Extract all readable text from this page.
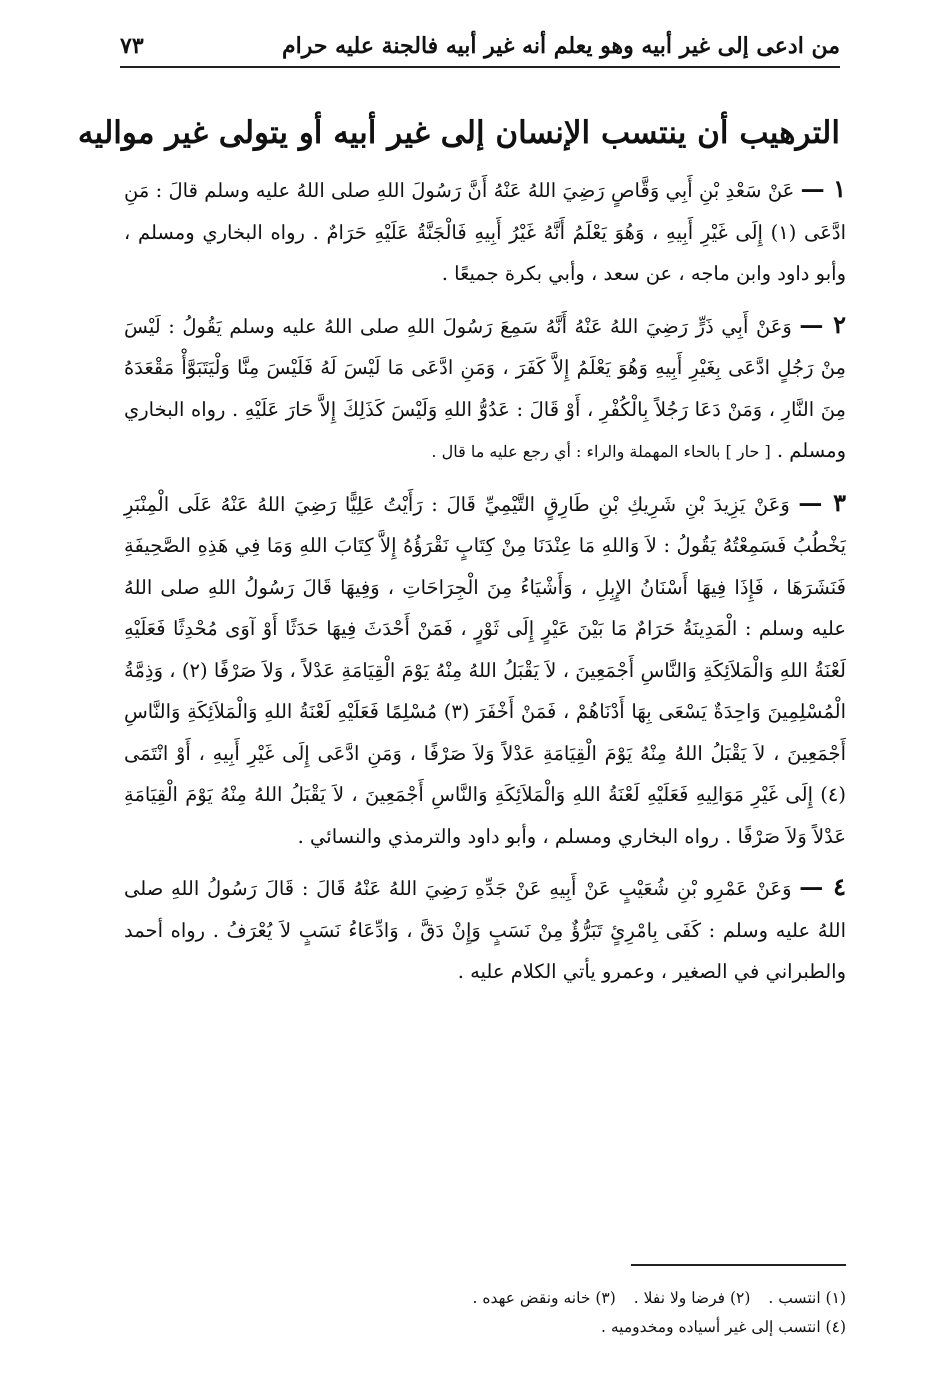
من ادعى إلى غير أبيه وهو يعلم أنه غير أبيه فالجنة عليه حرام
٧٣
الترهيب أن ينتسب الإنسان إلى غير أبيه أو يتولى غير مواليه

١ — عَنْ سَعْدِ بْنِ أَبِي وَقَّاصٍ رَضِيَ اللهُ عَنْهُ أَنَّ رَسُولَ اللهِ صلى اللهُ عليه وسلم قالَ : مَنِ ادَّعَى (١) إِلَى غَيْرِ أَبِيهِ ، وَهُوَ يَعْلَمُ أَنَّهُ غَيْرُ أَبِيهِ فَالْجَنَّةُ عَلَيْهِ حَرَامٌ . رواه البخاري ومسلم ، وأبو داود وابن ماجه ، عن سعد ، وأبي بكرة جميعًا .

٢ — وَعَنْ أَبِي ذَرٍّ رَضِيَ اللهُ عَنْهُ أَنَّهُ سَمِعَ رَسُولَ اللهِ صلى اللهُ عليه وسلم يَقُولُ : لَيْسَ مِنْ رَجُلٍ ادَّعَى بِغَيْرِ أَبِيهِ وَهُوَ يَعْلَمُ إِلاَّ كَفَرَ ، وَمَنِ ادَّعَى مَا لَيْسَ لَهُ فَلَيْسَ مِنَّا وَلْيَتَبَوَّأْ مَقْعَدَهُ مِنَ النَّارِ ، وَمَنْ دَعَا رَجُلاً بِالْكُفْرِ ، أَوْ قَالَ : عَدُوُّ اللهِ وَلَيْسَ كَذَلِكَ إِلاَّ حَارَ عَلَيْهِ . رواه البخاري ومسلم . [ حار ] بالحاء المهملة والراء : أي رجع عليه ما قال .

٣ — وَعَنْ يَزِيدَ بْنِ شَرِيكِ بْنِ طَارِقٍ التَّيْمِيِّ قَالَ : رَأَيْتُ عَلِيًّا رَضِيَ اللهُ عَنْهُ عَلَى الْمِنْبَرِ يَخْطُبُ فَسَمِعْتُهُ يَقُولُ : لاَ وَاللهِ مَا عِنْدَنَا مِنْ كِتَابٍ نَقْرَؤُهُ إِلاَّ كِتَابَ اللهِ وَمَا فِي هَذِهِ الصَّحِيفَةِ فَنَشَرَهَا ، فَإِذَا فِيهَا أَسْنَانُ الإِبِلِ ، وَأَشْيَاءُ مِنَ الْجِرَاحَاتِ ، وَفِيهَا قَالَ رَسُولُ اللهِ صلى اللهُ عليه وسلم : الْمَدِينَةُ حَرَامٌ مَا بَيْنَ عَيْرٍ إِلَى ثَوْرٍ ، فَمَنْ أَحْدَثَ فِيهَا حَدَثًا أَوْ آوَى مُحْدِثًا فَعَلَيْهِ لَعْنَةُ اللهِ وَالْمَلاَئِكَةِ وَالنَّاسِ أَجْمَعِينَ ، لاَ يَقْبَلُ اللهُ مِنْهُ يَوْمَ الْقِيَامَةِ عَدْلاً ، وَلاَ صَرْفًا (٢) ، وَذِمَّةُ الْمُسْلِمِينَ وَاحِدَةٌ يَسْعَى بِهَا أَدْنَاهُمْ ، فَمَنْ أَخْفَرَ (٣) مُسْلِمًا فَعَلَيْهِ لَعْنَةُ اللهِ وَالْمَلاَئِكَةِ وَالنَّاسِ أَجْمَعِينَ ، لاَ يَقْبَلُ اللهُ مِنْهُ يَوْمَ الْقِيَامَةِ عَدْلاً وَلاَ صَرْفًا ، وَمَنِ ادَّعَى إِلَى غَيْرِ أَبِيهِ ، أَوْ انْتَمَى (٤) إِلَى غَيْرِ مَوَالِيهِ فَعَلَيْهِ لَعْنَةُ اللهِ وَالْمَلاَئِكَةِ وَالنَّاسِ أَجْمَعِينَ ، لاَ يَقْبَلُ اللهُ مِنْهُ يَوْمَ الْقِيَامَةِ عَدْلاً وَلاَ صَرْفًا . رواه البخاري ومسلم ، وأبو داود والترمذي والنسائي .

٤ — وَعَنْ عَمْرِو بْنِ شُعَيْبٍ عَنْ أَبِيهِ عَنْ جَدِّهِ رَضِيَ اللهُ عَنْهُ قَالَ : قَالَ رَسُولُ اللهِ صلى اللهُ عليه وسلم : كَفَى بِامْرِئٍ تَبَرُّؤٌ مِنْ نَسَبٍ وَإِنْ دَقَّ ، وَادِّعَاءُ نَسَبٍ لاَ يُعْرَفُ . رواه أحمد والطبراني في الصغير ، وعمرو يأتي الكلام عليه .

(١) انتسب .
(٢) فرضا ولا نفلا .
(٣) خانه ونقض عهده .
(٤) انتسب إلى غير أسياده ومخدوميه .
